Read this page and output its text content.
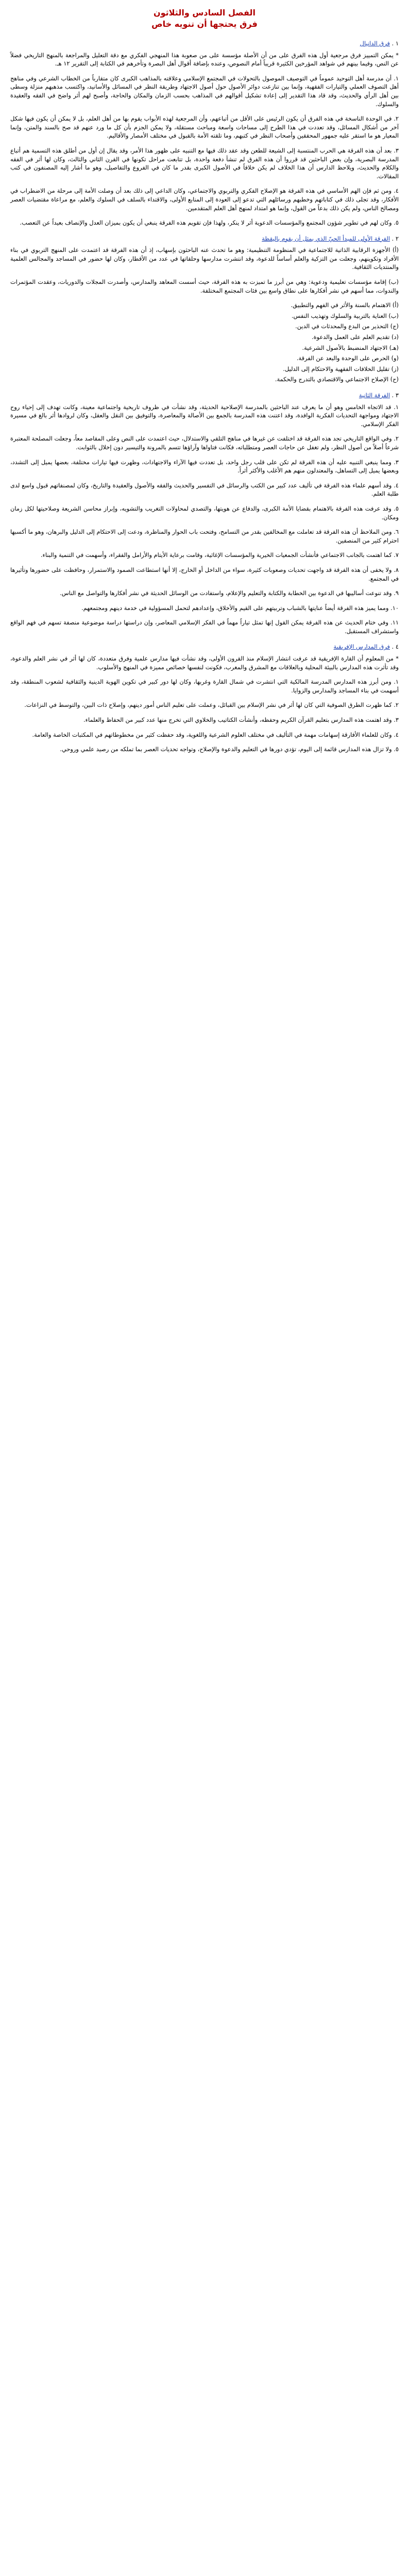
الفصل السادس والثلاثون
فرق يحتجها أن تنويه خاص
١ . فرق الدانيال

* يمكن التمييز فرق مرجعية أول هذه الفرق على من أن الأصلة مؤسسة على من صعوبة هذا المنهجي الفكري مع دقة التعليل والمراجعة بالمنهج التاريخي فضلاً عن النص، وفيما بينهم في شواهد المؤرخين الكثيرة قريباً أمام النصوص، وعنده بإضافة أقوال أهل البصرة وتأخرهم في الكتابة إلى التقرير ١٢ هـ.

١. أن مدرسة أهل التوحيد عموماً في التوصيف الموصول بالتحولات في المجتمع الإسلامي وعلاقته بالمذاهب الكبرى كان متقارباً من الخطاب الشرعي وفي مناهج أهل التصوف العملي والتيارات الفقهية، وإنما بين تنازعت دوائر الأصول حول أصول الاجتهاد وطريقة النظر في المسائل والأسانيد، واكتسب مذهبهم منزلة وسطى بين أهل الرأي والحديث، وقد قاد هذا التقدير إلى إعادة تشكيل أقوالهم في المذاهب بحسب الزمان والمكان والحاجة، وأصبح لهم أثر واضح في الفقه والعقيدة والسلوك.

٢. في الوحدة الناسخة في هذه الفرق أن يكون الرئيس على الأقل من أتباعهم، وأن المرجعية لهذه الأبواب يقوم بها من أهل العلم، بل لا يمكن أن يكون فيها شكل آخر من أشكال المسائل، وقد تعددت في هذا الطرح إلى مساحات واسعة ومباحث مستقلة، ولا يمكن الجزم بأن كل ما ورد عنهم قد صح بالسند والمتن، وإنما المعيار هو ما استقر عليه جمهور المحققين وأصحاب النظر في كتبهم، وما تلقته الأمة بالقبول في مختلف الأمصار والأقاليم.

٣. بعد أن هذه الفرقة هي الحرب المنتسبة إلى الشيعة للطعن وقد عقد ذلك فيها مع التنبيه على ظهور هذا الأمر، وقد يقال إن أول من أطلق هذه التسمية هم أتباع المدرسة البصرية، وإن بعض الباحثين قد قرروا أن هذه الفرق لم تنشأ دفعة واحدة، بل تتابعت مراحل تكونها في القرن الثاني والثالث، وكان لها أثر في الفقه والكلام والحديث، ويلاحظ الدارس أن هذا الخلاف لم يكن خلافاً في الأصول الكبرى بقدر ما كان في الفروع والتفاصيل، وهو ما أشار إليه المصنفون في كتب المقالات.

٤. ومن ثم فإن الهم الأساسي في هذه الفرقة هو الإصلاح الفكري والتربوي والاجتماعي، وكان الداعي إلى ذلك بعد أن وصلت الأمة إلى مرحلة من الاضطراب في الأفكار، وقد تجلى ذلك في كتاباتهم وخطبهم ورسائلهم التي تدعو إلى العودة إلى المنابع الأولى، والاقتداء بالسلف في السلوك والعلم، مع مراعاة مقتضيات العصر ومصالح الناس، ولم يكن ذلك بدعاً من القول، وإنما هو امتداد لمنهج أهل العلم المتقدمين.

٥. وكان لهم في تطوير شؤون المجتمع والمؤسسات الدعوية أثر لا ينكر، ولهذا فإن تقويم هذه الفرقة ينبغي أن يكون بميزان العدل والإنصاف بعيداً عن التعصب.

٢ . الفرقة الأولى للمبدأ الحيّ الذي يمثل أن يقوم باليقظة

(أ) الأجهزة الرقابية الذاتية للاجتماعية في المنظومة التنظيمية: وهو ما تحدث عنه الباحثون بإسهاب، إذ أن هذه الفرقة قد اعتمدت على المنهج التربوي في بناء الأفراد وتكوينهم، وجعلت من التزكية والعلم أساساً للدعوة، وقد انتشرت مدارسها وحلقاتها في عدد من الأقطار، وكان لها حضور في المساجد والمجالس العلمية والمنتديات الثقافية.

(ب) إقامة مؤسسات تعليمية ودعوية: وهي من أبرز ما تميزت به هذه الفرقة، حيث أسست المعاهد والمدارس، وأصدرت المجلات والدوريات، وعقدت المؤتمرات والندوات، مما أسهم في نشر أفكارها على نطاق واسع بين فئات المجتمع المختلفة.

(أ) الاهتمام بالسنة والأثر في الفهم والتطبيق.

(ب) العناية بالتربية والسلوك وتهذيب النفس.

(ج) التحذير من البدع والمحدثات في الدين.

(د) تقديم العلم على العمل والدعوة.

(هـ) الاجتهاد المنضبط بالأصول الشرعية.

(و) الحرص على الوحدة والبعد عن الفرقة.

(ز) تقليل الخلافات الفقهية والاحتكام إلى الدليل.

(ح) الإصلاح الاجتماعي والاقتصادي بالتدرج والحكمة.

٣ . الفرقة الثانية

١. قد الاتجاه الخامس وهو أن ما يعرف عند الباحثين بالمدرسة الإصلاحية الحديثة، وقد نشأت في ظروف تاريخية واجتماعية معينة، وكانت تهدف إلى إحياء روح الاجتهاد ومواجهة التحديات الفكرية الوافدة، وقد اعتنت هذه المدرسة بالجمع بين الأصالة والمعاصرة، والتوفيق بين النقل والعقل، وكان لروادها أثر بالغ في مسيرة الفكر الإسلامي.

٢. وفي الواقع التاريخي تجد هذه الفرقة قد اختلفت عن غيرها في مناهج التلقي والاستدلال، حيث اعتمدت على النص وعلى المقاصد معاً، وجعلت المصلحة المعتبرة شرعاً أصلاً من أصول النظر، ولم تغفل عن حاجات العصر ومتطلباته، فكانت فتاواها وآراؤها تتسم بالمرونة والتيسير دون إخلال بالثوابت.

٣. ومما ينبغي التنبيه عليه أن هذه الفرقة لم تكن على قلب رجل واحد، بل تعددت فيها الآراء والاجتهادات، وظهرت فيها تيارات مختلفة، بعضها يميل إلى التشدد، وبعضها يميل إلى التساهل، والمعتدلون منهم هم الأغلب والأكثر أثراً.

٤. وقد أسهم علماء هذه الفرقة في تأليف عدد كبير من الكتب والرسائل في التفسير والحديث والفقه والأصول والعقيدة والتاريخ، وكان لمصنفاتهم قبول واسع لدى طلبة العلم.

٥. وقد عرفت هذه الفرقة بالاهتمام بقضايا الأمة الكبرى، والدفاع عن هويتها، والتصدي لمحاولات التغريب والتشويه، وإبراز محاسن الشريعة وصلاحيتها لكل زمان ومكان.

٦. ومن الملاحظ أن هذه الفرقة قد تعاملت مع المخالفين بقدر من التسامح، وفتحت باب الحوار والمناظرة، ودعت إلى الاحتكام إلى الدليل والبرهان، وهو ما أكسبها احترام كثير من المنصفين.

٧. كما اهتمت بالجانب الاجتماعي فأنشأت الجمعيات الخيرية والمؤسسات الإغاثية، وقامت برعاية الأيتام والأرامل والفقراء، وأسهمت في التنمية والبناء.

٨. ولا يخفى أن هذه الفرقة قد واجهت تحديات وصعوبات كثيرة، سواء من الداخل أو الخارج، إلا أنها استطاعت الصمود والاستمرار، وحافظت على حضورها وتأثيرها في المجتمع.

٩. وقد تنوعت أساليبها في الدعوة بين الخطابة والكتابة والتعليم والإعلام، واستفادت من الوسائل الحديثة في نشر أفكارها والتواصل مع الناس.

١٠. ومما يميز هذه الفرقة أيضاً عنايتها بالشباب وتربيتهم على القيم والأخلاق، وإعدادهم لتحمل المسؤولية في خدمة دينهم ومجتمعهم.

١١. وفي ختام الحديث عن هذه الفرقة يمكن القول إنها تمثل تياراً مهماً في الفكر الإسلامي المعاصر، وإن دراستها دراسة موضوعية منصفة تسهم في فهم الواقع واستشراف المستقبل.

٤ . فرق المدارس الإفريقية

* من المعلوم أن القارة الإفريقية قد عرفت انتشار الإسلام منذ القرون الأولى، وقد نشأت فيها مدارس علمية وفرق متعددة، كان لها أثر في نشر العلم والدعوة، وقد تأثرت هذه المدارس بالبيئة المحلية وبالعلاقات مع المشرق والمغرب، فكونت لنفسها خصائص مميزة في المنهج والأسلوب.

١. ومن أبرز هذه المدارس المدرسة المالكية التي انتشرت في شمال القارة وغربها، وكان لها دور كبير في تكوين الهوية الدينية والثقافية لشعوب المنطقة، وقد أسهمت في بناء المساجد والمدارس والزوايا.

٢. كما ظهرت الطرق الصوفية التي كان لها أثر في نشر الإسلام بين القبائل، وعملت على تعليم الناس أمور دينهم، وإصلاح ذات البين، والتوسط في النزاعات.

٣. وقد اهتمت هذه المدارس بتعليم القرآن الكريم وحفظه، وأنشأت الكتاتيب والخلاوي التي تخرج منها عدد كبير من الحفاظ والعلماء.

٤. وكان للعلماء الأفارقة إسهامات مهمة في التأليف في مختلف العلوم الشرعية واللغوية، وقد حفظت كثير من مخطوطاتهم في المكتبات الخاصة والعامة.

٥. ولا تزال هذه المدارس قائمة إلى اليوم، تؤدي دورها في التعليم والدعوة والإصلاح، وتواجه تحديات العصر بما تملكه من رصيد علمي وروحي.
